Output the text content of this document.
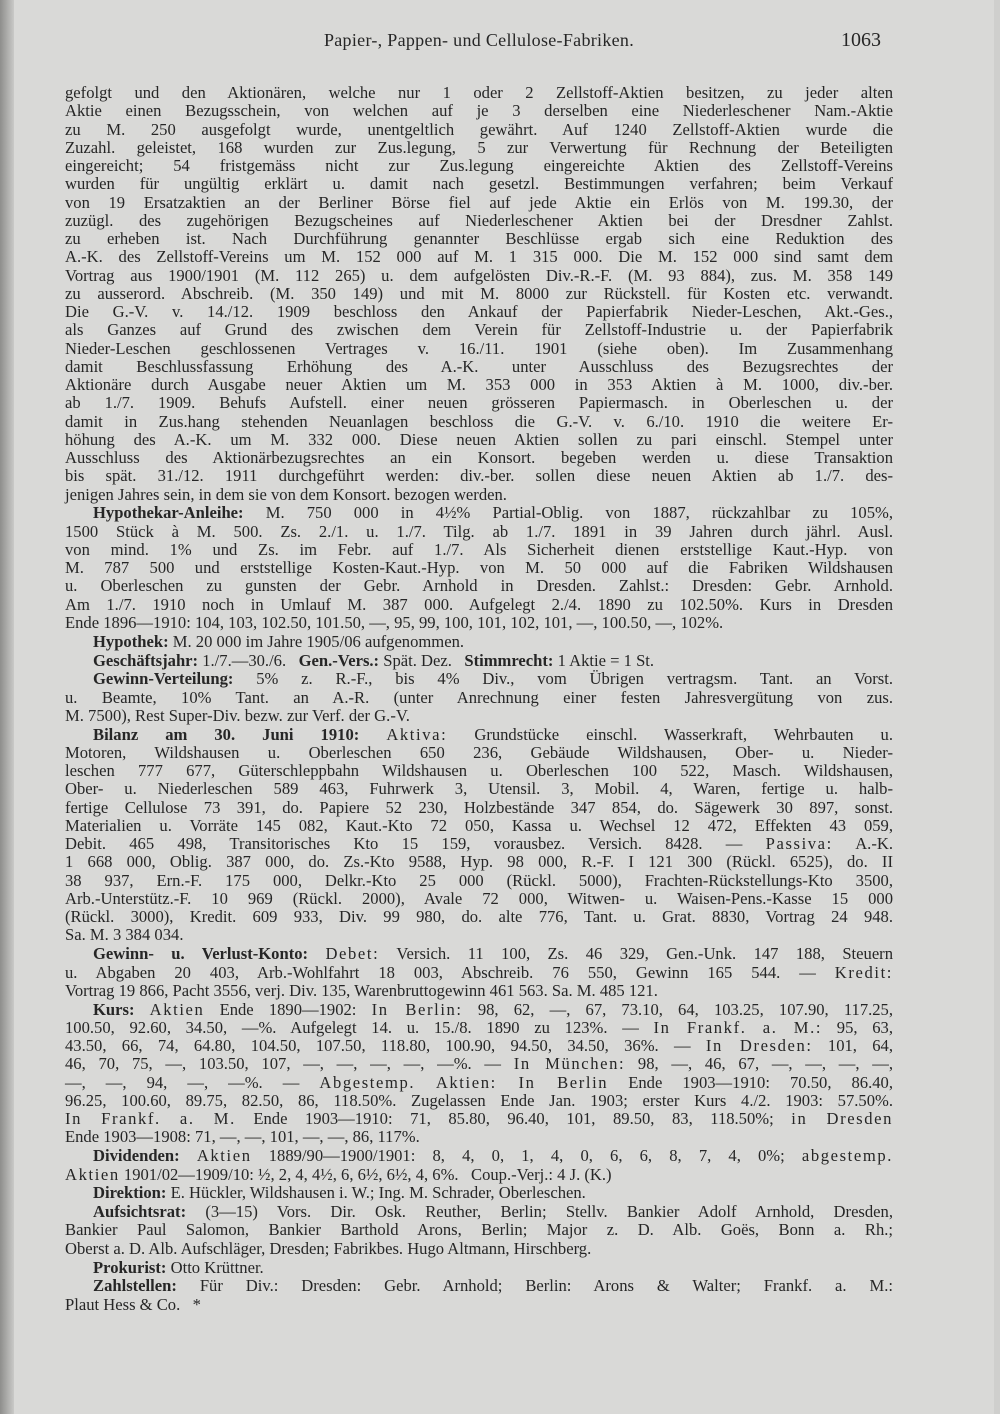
Papier-, Pappen- und Cellulose-Fabriken.	1063
gefolgt und den Aktionären, welche nur 1 oder 2 Zellstoff-Aktien besitzen, zu jeder alten
Aktie einen Bezugsschein, von welchen auf je 3 derselben eine Niederleschener Nam.-Aktie
zu M. 250 ausgefolgt wurde, unentgeltlich gewährt. Auf 1240 Zellstoff-Aktien wurde die
Zuzahl. geleistet, 168 wurden zur Zus.legung, 5 zur Verwertung für Rechnung der Beteiligten
eingereicht; 54 fristgemäss nicht zur Zus.legung eingereichte Aktien des Zellstoff-Vereins
wurden für ungültig erklärt u. damit nach gesetzl. Bestimmungen verfahren; beim Verkauf
von 19 Ersatzaktien an der Berliner Börse fiel auf jede Aktie ein Erlös von M. 199.30, der
zuzügl. des zugehörigen Bezugscheines auf Niederleschener Aktien bei der Dresdner Zahlst.
zu erheben ist. Nach Durchführung genannter Beschlüsse ergab sich eine Reduktion des
A.-K. des Zellstoff-Vereins um M. 152 000 auf M. 1 315 000. Die M. 152 000 sind samt dem
Vortrag aus 1900/1901 (M. 112 265) u. dem aufgelösten Div.-R.-F. (M. 93 884), zus. M. 358 149
zu ausserord. Abschreib. (M. 350 149) und mit M. 8000 zur Rückstell. für Kosten etc. verwandt.
Die G.-V. v. 14./12. 1909 beschloss den Ankauf der Papierfabrik Nieder-Leschen, Akt.-Ges.,
als Ganzes auf Grund des zwischen dem Verein für Zellstoff-Industrie u. der Papierfabrik
Nieder-Leschen geschlossenen Vertrages v. 16./11. 1901 (siehe oben). Im Zusammenhang
damit Beschlussfassung Erhöhung des A.-K. unter Ausschluss des Bezugsrechtes der
Aktionäre durch Ausgabe neuer Aktien um M. 353 000 in 353 Aktien à M. 1000, div.-ber.
ab 1./7. 1909. Behufs Aufstell. einer neuen grösseren Papiermasch. in Oberleschen u. der
damit in Zus.hang stehenden Neuanlagen beschloss die G.-V. v. 6./10. 1910 die weitere Er-
höhung des A.-K. um M. 332 000. Diese neuen Aktien sollen zu pari einschl. Stempel unter
Ausschluss des Aktionärbezugsrechtes an ein Konsort. begeben werden u. diese Transaktion
bis spät. 31./12. 1911 durchgeführt werden: div.-ber. sollen diese neuen Aktien ab 1./7. des-
jenigen Jahres sein, in dem sie von dem Konsort. bezogen werden.
Hypothekar-Anleihe: M. 750 000 in 4½% Partial-Oblig. von 1887, rückzahlbar zu 105%,
1500 Stück à M. 500. Zs. 2./1. u. 1./7. Tilg. ab 1./7. 1891 in 39 Jahren durch jährl. Ausl.
von mind. 1% und Zs. im Febr. auf 1./7. Als Sicherheit dienen erststellige Kaut.-Hyp. von
M. 787 500 und erststellige Kosten-Kaut.-Hyp. von M. 50 000 auf die Fabriken Wildshausen
u. Oberleschen zu gunsten der Gebr. Arnhold in Dresden. Zahlst.: Dresden: Gebr. Arnhold.
Am 1./7. 1910 noch in Umlauf M. 387 000. Aufgelegt 2./4. 1890 zu 102.50%. Kurs in Dresden
Ende 1896—1910: 104, 103, 102.50, 101.50, —, 95, 99, 100, 101, 102, 101, —, 100.50, —, 102%.
Hypothek: M. 20 000 im Jahre 1905/06 aufgenommen.
Geschäftsjahr: 1./7.—30./6.   Gen.-Vers.: Spät. Dez.   Stimmrecht: 1 Aktie = 1 St.
Gewinn-Verteilung: 5% z. R.-F., bis 4% Div., vom Übrigen vertragsm. Tant. an Vorst.
u. Beamte, 10% Tant. an A.-R. (unter Anrechnung einer festen Jahresvergütung von zus.
M. 7500), Rest Super-Div. bezw. zur Verf. der G.-V.
Bilanz am 30. Juni 1910: Aktiva: Grundstücke einschl. Wasserkraft, Wehrbauten u.
Motoren, Wildshausen u. Oberleschen 650 236, Gebäude Wildshausen, Ober- u. Nieder-
leschen 777 677, Güterschleppbahn Wildshausen u. Oberleschen 100 522, Masch. Wildshausen,
Ober- u. Niederleschen 589 463, Fuhrwerk 3, Utensil. 3, Mobil. 4, Waren, fertige u. halb-
fertige Cellulose 73 391, do. Papiere 52 230, Holzbestände 347 854, do. Sägewerk 30 897, sonst.
Materialien u. Vorräte 145 082, Kaut.-Kto 72 050, Kassa u. Wechsel 12 472, Effekten 43 059,
Debit. 465 498, Transitorisches Kto 15 159, vorausbez. Versich. 8428. — Passiva: A.-K.
1 668 000, Oblig. 387 000, do. Zs.-Kto 9588, Hyp. 98 000, R.-F. I 121 300 (Rückl. 6525), do. II
38 937, Ern.-F. 175 000, Delkr.-Kto 25 000 (Rückl. 5000), Frachten-Rückstellungs-Kto 3500,
Arb.-Unterstütz.-F. 10 969 (Rückl. 2000), Avale 72 000, Witwen- u. Waisen-Pens.-Kasse 15 000
(Rückl. 3000), Kredit. 609 933, Div. 99 980, do. alte 776, Tant. u. Grat. 8830, Vortrag 24 948.
Sa. M. 3 384 034.
Gewinn- u. Verlust-Konto: Debet: Versich. 11 100, Zs. 46 329, Gen.-Unk. 147 188, Steuern
u. Abgaben 20 403, Arb.-Wohlfahrt 18 003, Abschreib. 76 550, Gewinn 165 544. — Kredit:
Vortrag 19 866, Pacht 3556, verj. Div. 135, Warenbruttogewinn 461 563. Sa. M. 485 121.
Kurs: Aktien Ende 1890—1902: In Berlin: 98, 62, —, 67, 73.10, 64, 103.25, 107.90, 117.25,
100.50, 92.60, 34.50, —%. Aufgelegt 14. u. 15./8. 1890 zu 123%. — In Frankf. a. M.: 95, 63,
43.50, 66, 74, 64.80, 104.50, 107.50, 118.80, 100.90, 94.50, 34.50, 36%. — In Dresden: 101, 64,
46, 70, 75, —, 103.50, 107, —, —, —, —, —%. — In München: 98, —, 46, 67, —, —, —, —,
—, —, 94, —, —%. — Abgestemp. Aktien: In Berlin Ende 1903—1910: 70.50, 86.40,
96.25, 100.60, 89.75, 82.50, 86, 118.50%. Zugelassen Ende Jan. 1903; erster Kurs 4./2. 1903: 57.50%.
In Frankf. a. M. Ende 1903—1910: 71, 85.80, 96.40, 101, 89.50, 83, 118.50%; in Dresden
Ende 1903—1908: 71, —, —, 101, —, —, 86, 117%.
Dividenden: Aktien 1889/90—1900/1901: 8, 4, 0, 1, 4, 0, 6, 6, 8, 7, 4, 0%; abgestemp.
Aktien 1901/02—1909/10: ½, 2, 4, 4½, 6, 6½, 6½, 4, 6%.   Coup.-Verj.: 4 J. (K.)
Direktion: E. Hückler, Wildshausen i. W.; Ing. M. Schrader, Oberleschen.
Aufsichtsrat: (3—15) Vors. Dir. Osk. Reuther, Berlin; Stellv. Bankier Adolf Arnhold, Dresden,
Bankier Paul Salomon, Bankier Barthold Arons, Berlin; Major z. D. Alb. Goës, Bonn a. Rh.;
Oberst a. D. Alb. Aufschläger, Dresden; Fabrikbes. Hugo Altmann, Hirschberg.
Prokurist: Otto Krüttner.
Zahlstellen: Für Div.: Dresden: Gebr. Arnhold; Berlin: Arons & Walter; Frankf. a. M.:
Plaut Hess & Co.   *
